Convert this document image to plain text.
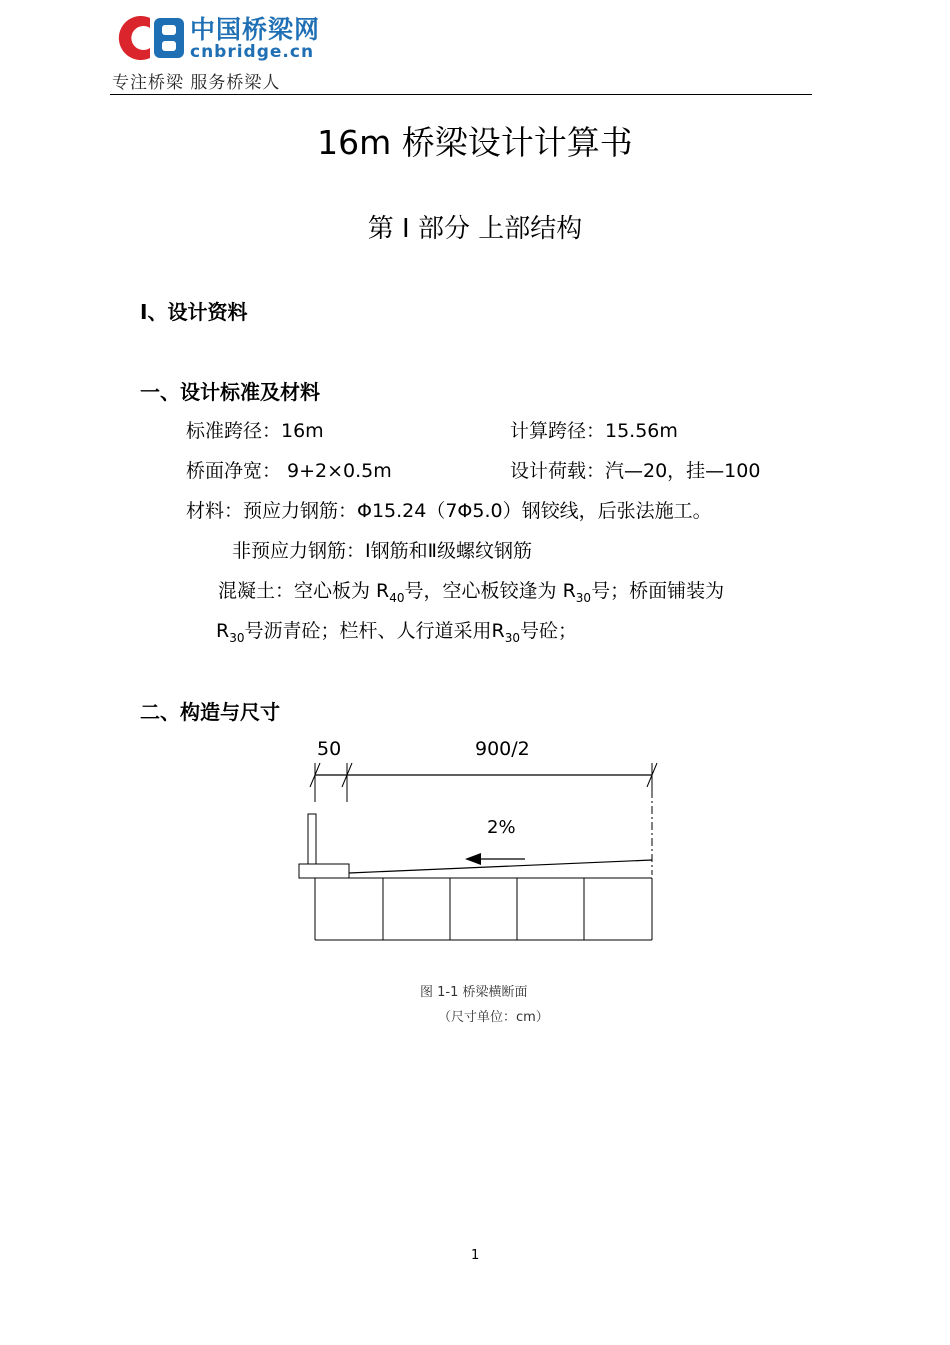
中国桥梁网
cnbridge.cn
专注桥梁 服务桥梁人
16m 桥梁设计计算书
第 I 部分 上部结构
I、设计资料
一、设计标准及材料
标准跨径：16m	计算跨径：15.56m
桥面净宽： 9+2×0.5m	设计荷载：汽—20，挂—100
材料：预应力钢筋：Φ15.24（7Φ5.0）钢铰线，后张法施工。
非预应力钢筋：Ⅰ钢筋和Ⅱ级螺纹钢筋
混凝土：空心板为 $R_{40}$号，空心板铰逢为 $R_{30}$号；桥面铺装为
$R_{30}$号沥青砼；栏杆、人行道采用$R_{30}$号砼；
二、构造与尺寸
50	900/2
2%
图 1-1 桥梁横断面
（尺寸单位：cm）
1
